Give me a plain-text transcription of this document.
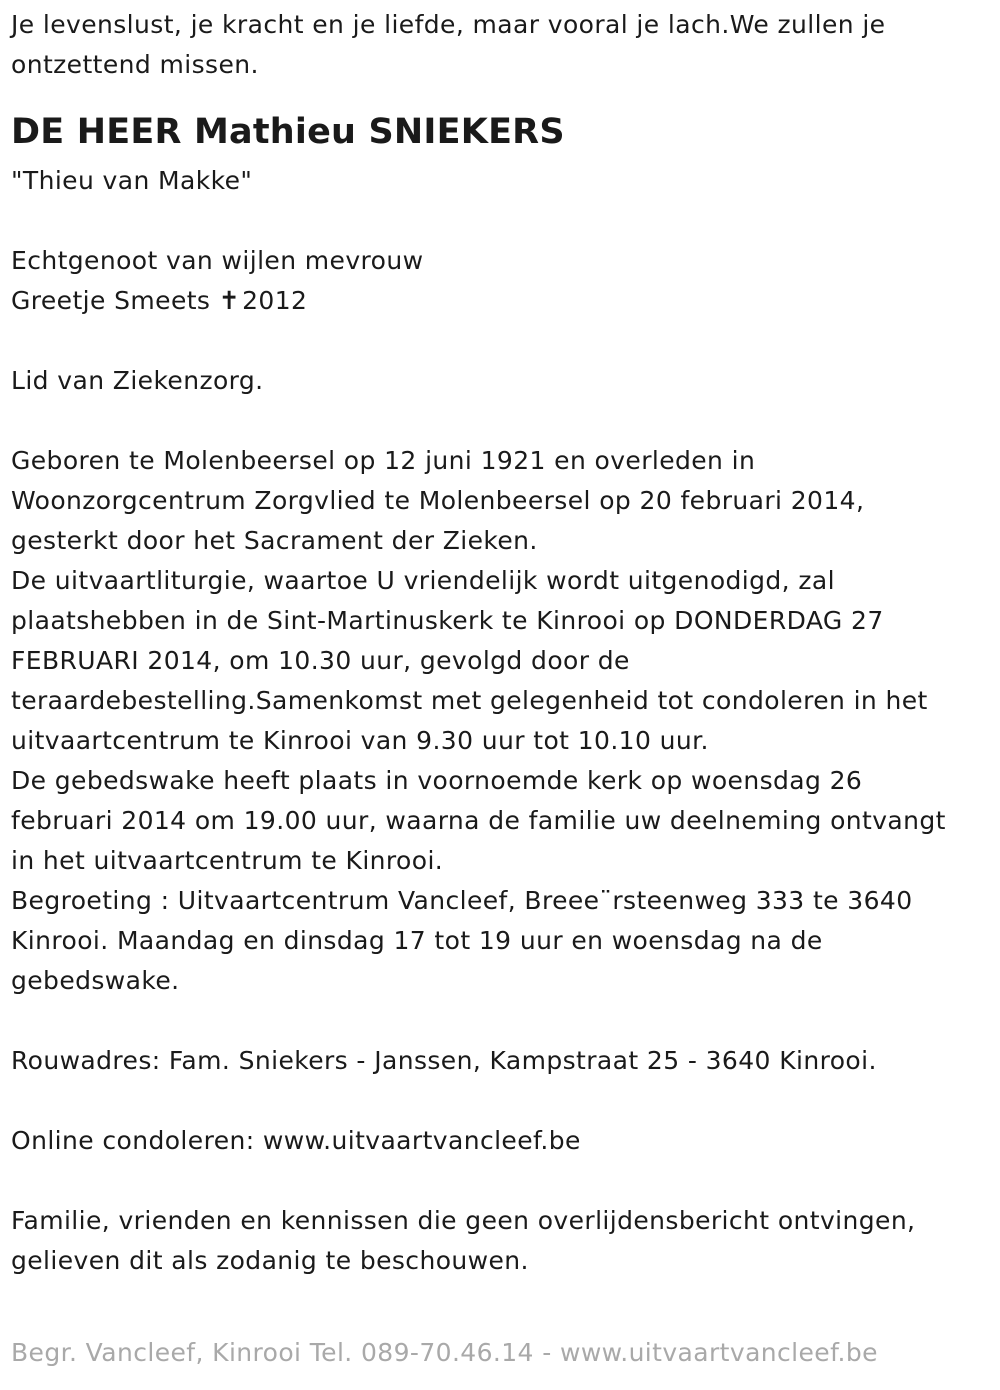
Je levenslust, je kracht en je liefde, maar vooral je lach.We zullen je
ontzettend missen.
DE HEER Mathieu SNIEKERS
"Thieu van Makke"
Echtgenoot van wijlen mevrouw
Greetje Smeets ✝2012
Lid van Ziekenzorg.
Geboren te Molenbeersel op 12 juni 1921 en overleden in
Woonzorgcentrum Zorgvlied te Molenbeersel op 20 februari 2014,
gesterkt door het Sacrament der Zieken.
De uitvaartliturgie, waartoe U vriendelijk wordt uitgenodigd, zal
plaatshebben in de Sint-Martinuskerk te Kinrooi op DONDERDAG 27
FEBRUARI 2014, om 10.30 uur, gevolgd door de
teraardebestelling.Samenkomst met gelegenheid tot condoleren in het
uitvaartcentrum te Kinrooi van 9.30 uur tot 10.10 uur.
De gebedswake heeft plaats in voornoemde kerk op woensdag 26
februari 2014 om 19.00 uur, waarna de familie uw deelneming ontvangt
in het uitvaartcentrum te Kinrooi.
Begroeting : Uitvaartcentrum Vancleef, Breee¨rsteenweg 333 te 3640
Kinrooi. Maandag en dinsdag 17 tot 19 uur en woensdag na de
gebedswake.
Rouwadres: Fam. Sniekers - Janssen, Kampstraat 25 - 3640 Kinrooi.
Online condoleren: www.uitvaartvancleef.be
Familie, vrienden en kennissen die geen overlijdensbericht ontvingen,
gelieven dit als zodanig te beschouwen.
Begr. Vancleef, Kinrooi Tel. 089-70.46.14 - www.uitvaartvancleef.be
